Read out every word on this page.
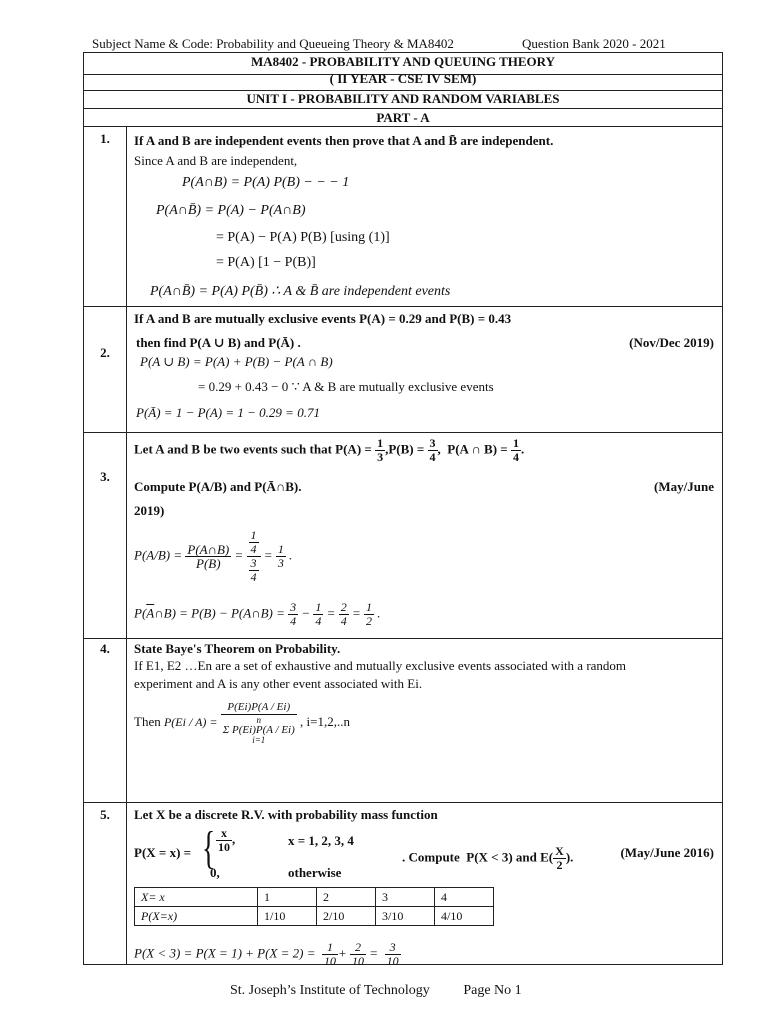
Subject Name & Code: Probability and Queueing Theory & MA8402	Question Bank 2020 - 2021
MA8402 - PROBABILITY AND QUEUING THEORY
( II YEAR - CSE IV SEM)
UNIT I - PROBABILITY AND RANDOM VARIABLES
PART - A
1.	If A and B are independent events then prove that A and B̄ are independent.
Since A and B are independent,
P(A∩B) = P(A) P(B) − − − 1
P(A∩B̄) = P(A) − P(A∩B)
= P(A) − P(A) P(B) [using (1)]
= P(A) [1 − P(B)]
P(A∩B̄) = P(A) P(B̄) ∴ A & B̄ are independent events
2.
If A and B are mutually exclusive events P(A) = 0.29 and P(B) = 0.43
then find P(A ∪ B) and P(Ā) .	(Nov/Dec 2019)
P(A ∪ B) = P(A) + P(B) − P(A ∩ B)
= 0.29 + 0.43 − 0 ∵ A & B are mutually exclusive events
P(Ā) = 1 − P(A) = 1 − 0.29 = 0.71
3.
Let A and B be two events such that $P(A) = \frac{1}{3} ,P(B) = \frac{3}{4}$ ,  P(A ∩ $B) = \frac{1}{4}$ .
Compute P(A/B) and P(Ā∩B).	(May/June
2019)
$P(A/B) = \frac{P(A\cap B)}{P(B)} = \frac{\frac{1}{4}}{\frac{3}{4}} = \frac{1}{3}$ .
$P(\overline{A}\cap B) = P(B)$ − P(A∩B) = $\frac{3}{4} - \frac{1}{4} = \frac{2}{4} = \frac{1}{2}$ .
4.	State Baye's Theorem on Probability.
If E1, E2 …En are a set of exhaustive and mutually exclusive events associated with a random
experiment and A is any other event associated with Ei.
Then P(Ei / A) = P(Ei)P(A / Ei)
n
Σ P(Ei)P(A / Ei)
i=1 , i=1,2,..n
5.	Let X be a discrete R.V. with probability mass function
P(X = x) = { $\frac{x}{10}$ ,	x = 1, 2, 3, 4
0,	otherwise
. Compute  P(X < 3) and $E( \frac{X}{2}$ ).	(May/June 2016)
X= x	1	2	3	4
P(X=x)	1/10	2/10	3/10	4/10
$P(X < 3) = P(X = 1) + P(X = 2) = \frac{1}{10} + \frac{2}{10} = \frac{3}{10}$
St. Joseph’s Institute of Technology Page No 1
